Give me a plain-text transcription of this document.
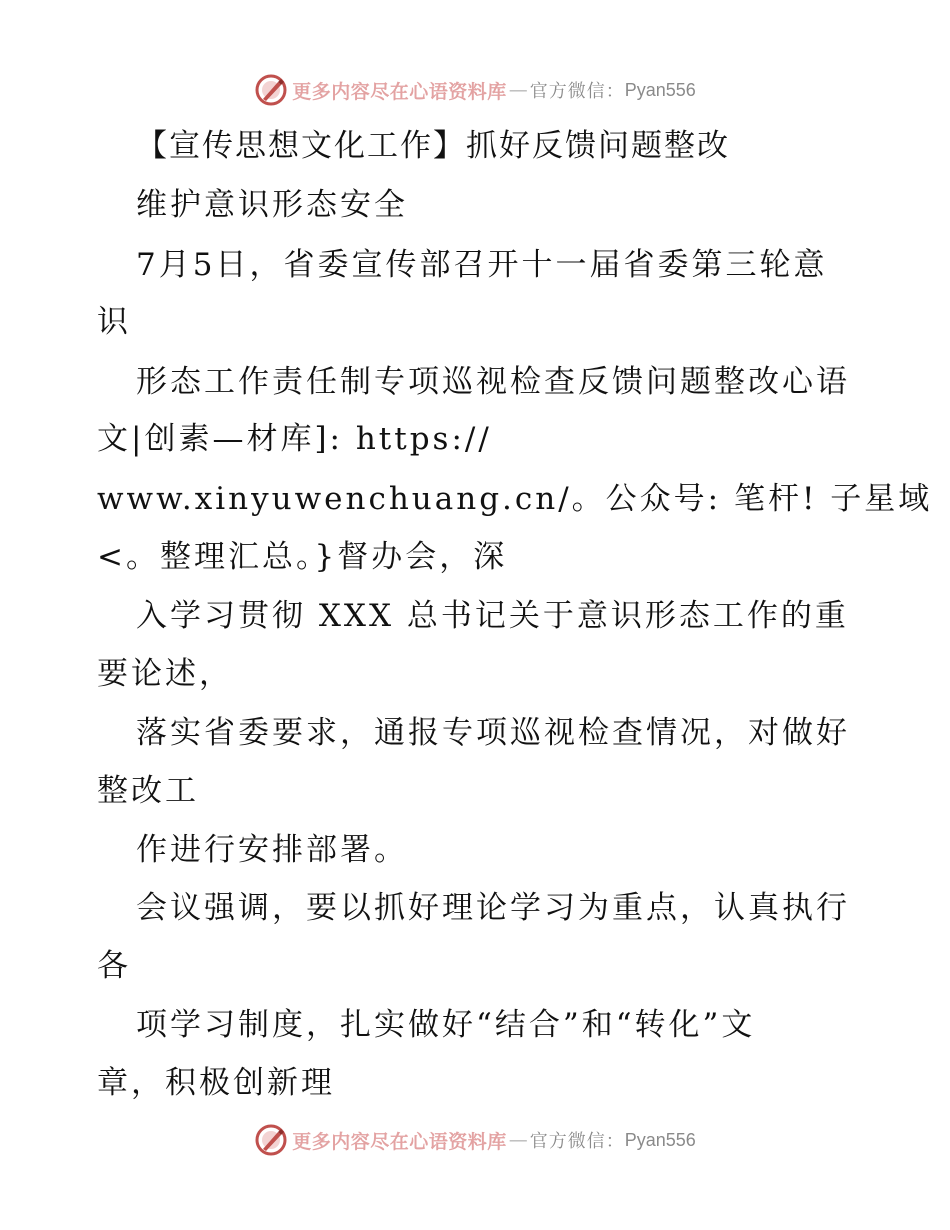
更多内容尽在心语资料库 — 官方微信： Pyan556
【宣传思想文化工作】抓好反馈问题整改
维护意识形态安全
7月5日，省委宣传部召开十一届省委第三轮意
识
形态工作责任制专项巡视检查反馈问题整改心语
文|创素—材库]: https://
www.xinyuwenchuang.cn/。公众号: 笔杆! 子星域
<。整理汇总。}督办会，深
入学习贯彻 XXX 总书记关于意识形态工作的重
要论述，
落实省委要求，通报专项巡视检查情况，对做好
整改工
作进行安排部署。
会议强调，要以抓好理论学习为重点，认真执行
各
项学习制度，扎实做好“结合”和“转化”文
章，积极创新理
更多内容尽在心语资料库 — 官方微信： Pyan556
